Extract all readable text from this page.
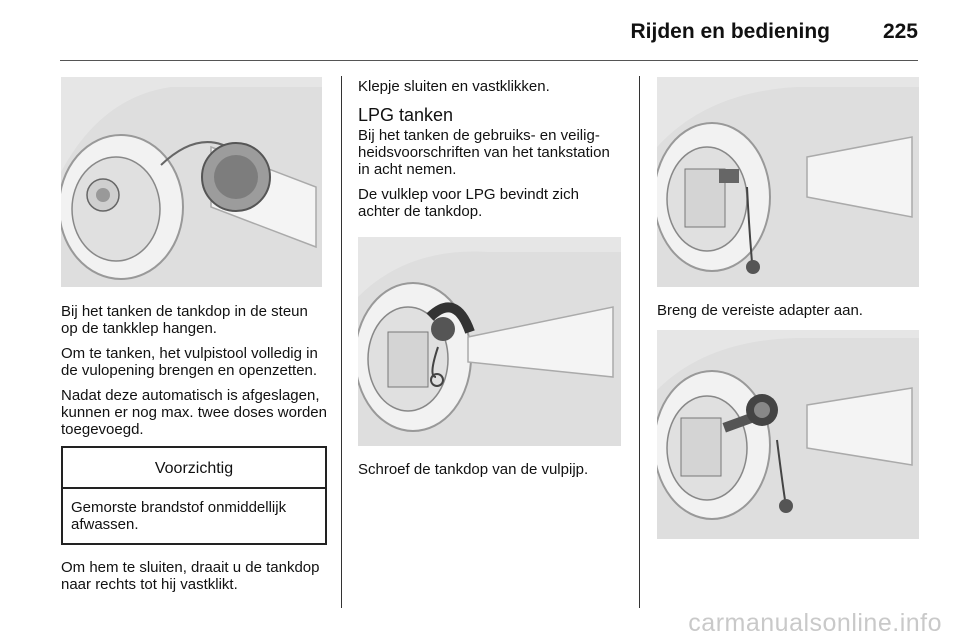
Rijden en bediening	225

Bij het tanken de tankdop in de steun op de tankklep hangen.

Om te tanken, het vulpistool volledig in de vulopening brengen en openzetten.

Nadat deze automatisch is afgeslagen, kunnen er nog max. twee doses worden toegevoegd.

Voorzichtig
Gemorste brandstof onmiddellijk afwassen.

Om hem te sluiten, draait u de tankdop naar rechts tot hij vastklikt.

Klepje sluiten en vastklikken.

LPG tanken

Bij het tanken de gebruiks- en veiligheidsvoorschriften van het tankstation in acht nemen.

De vulklep voor LPG bevindt zich achter de tankdop.

Schroef de tankdop van de vulpijp.

Breng de vereiste adapter aan.

carmanualsonline.info
